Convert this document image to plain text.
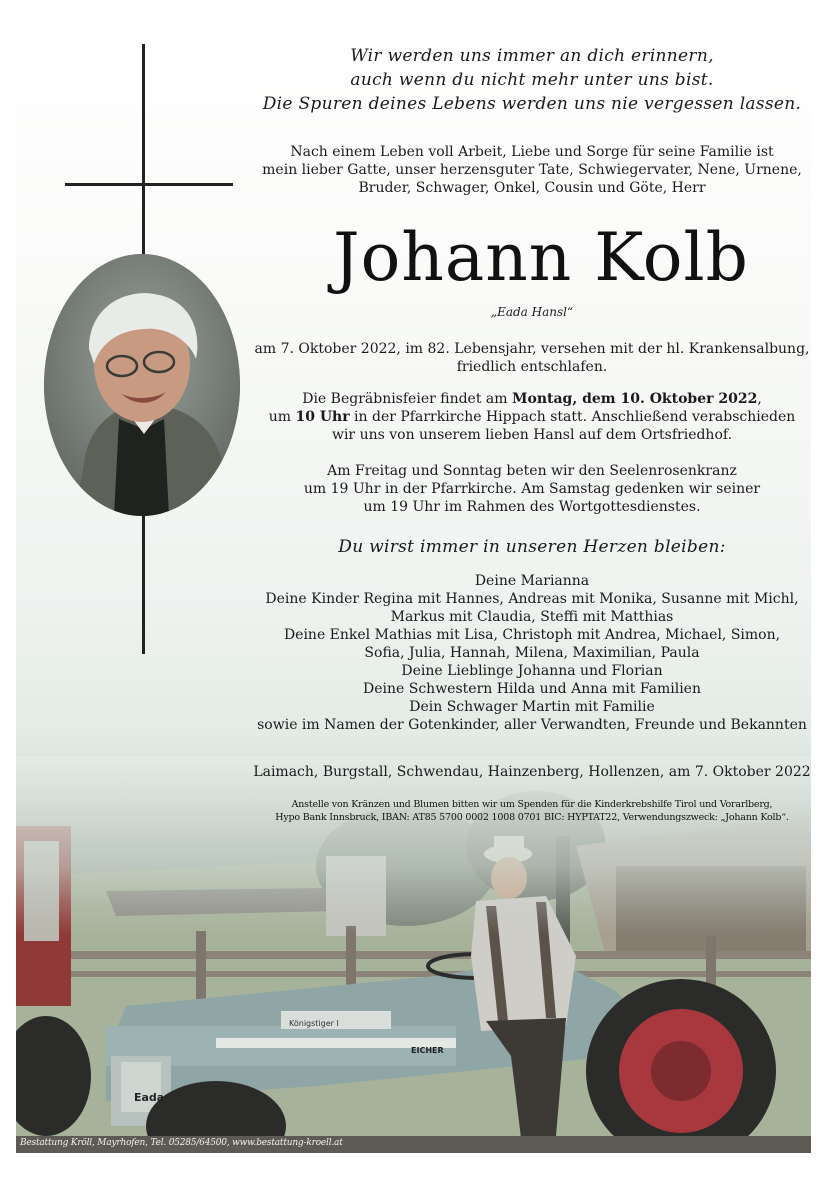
Königstiger I
EICHER
Eada
Wir werden uns immer an dich erinnern,
auch wenn du nicht mehr unter uns bist.
Die Spuren deines Lebens werden uns nie vergessen lassen.
Nach einem Leben voll Arbeit, Liebe und Sorge für seine Familie ist
mein lieber Gatte, unser herzensguter Tate, Schwiegervater, Nene, Urnene,
Bruder, Schwager, Onkel, Cousin und Göte, Herr
Johann Kolb
„Eada Hansl“
am 7. Oktober 2022, im 82. Lebensjahr, versehen mit der hl. Krankensalbung,
friedlich entschlafen.
Die Begräbnisfeier findet am Montag, dem 10. Oktober 2022,
um 10 Uhr in der Pfarrkirche Hippach statt. Anschließend verabschieden
wir uns von unserem lieben Hansl auf dem Ortsfriedhof.
Am Freitag und Sonntag beten wir den Seelenrosenkranz
um 19 Uhr in der Pfarrkirche. Am Samstag gedenken wir seiner
um 19 Uhr im Rahmen des Wortgottesdienstes.
Du wirst immer in unseren Herzen bleiben:
Deine Marianna
Deine Kinder Regina mit Hannes, Andreas mit Monika, Susanne mit Michl,
Markus mit Claudia, Steffi mit Matthias
Deine Enkel Mathias mit Lisa, Christoph mit Andrea, Michael, Simon,
Sofia, Julia, Hannah, Milena, Maximilian, Paula
Deine Lieblinge Johanna und Florian
Deine Schwestern Hilda und Anna mit Familien
Dein Schwager Martin mit Familie
sowie im Namen der Gotenkinder, aller Verwandten, Freunde und Bekannten
Laimach, Burgstall, Schwendau, Hainzenberg, Hollenzen, am 7. Oktober 2022
Anstelle von Kränzen und Blumen bitten wir um Spenden für die Kinderkrebshilfe Tirol und Vorarlberg,
Hypo Bank Innsbruck, IBAN: AT85 5700 0002 1008 0701 BIC: HYPTAT22, Verwendungszweck: „Johann Kolb“.
Bestattung Kröll, Mayrhofen, Tel. 05285/64500, www.bestattung-kroell.at
